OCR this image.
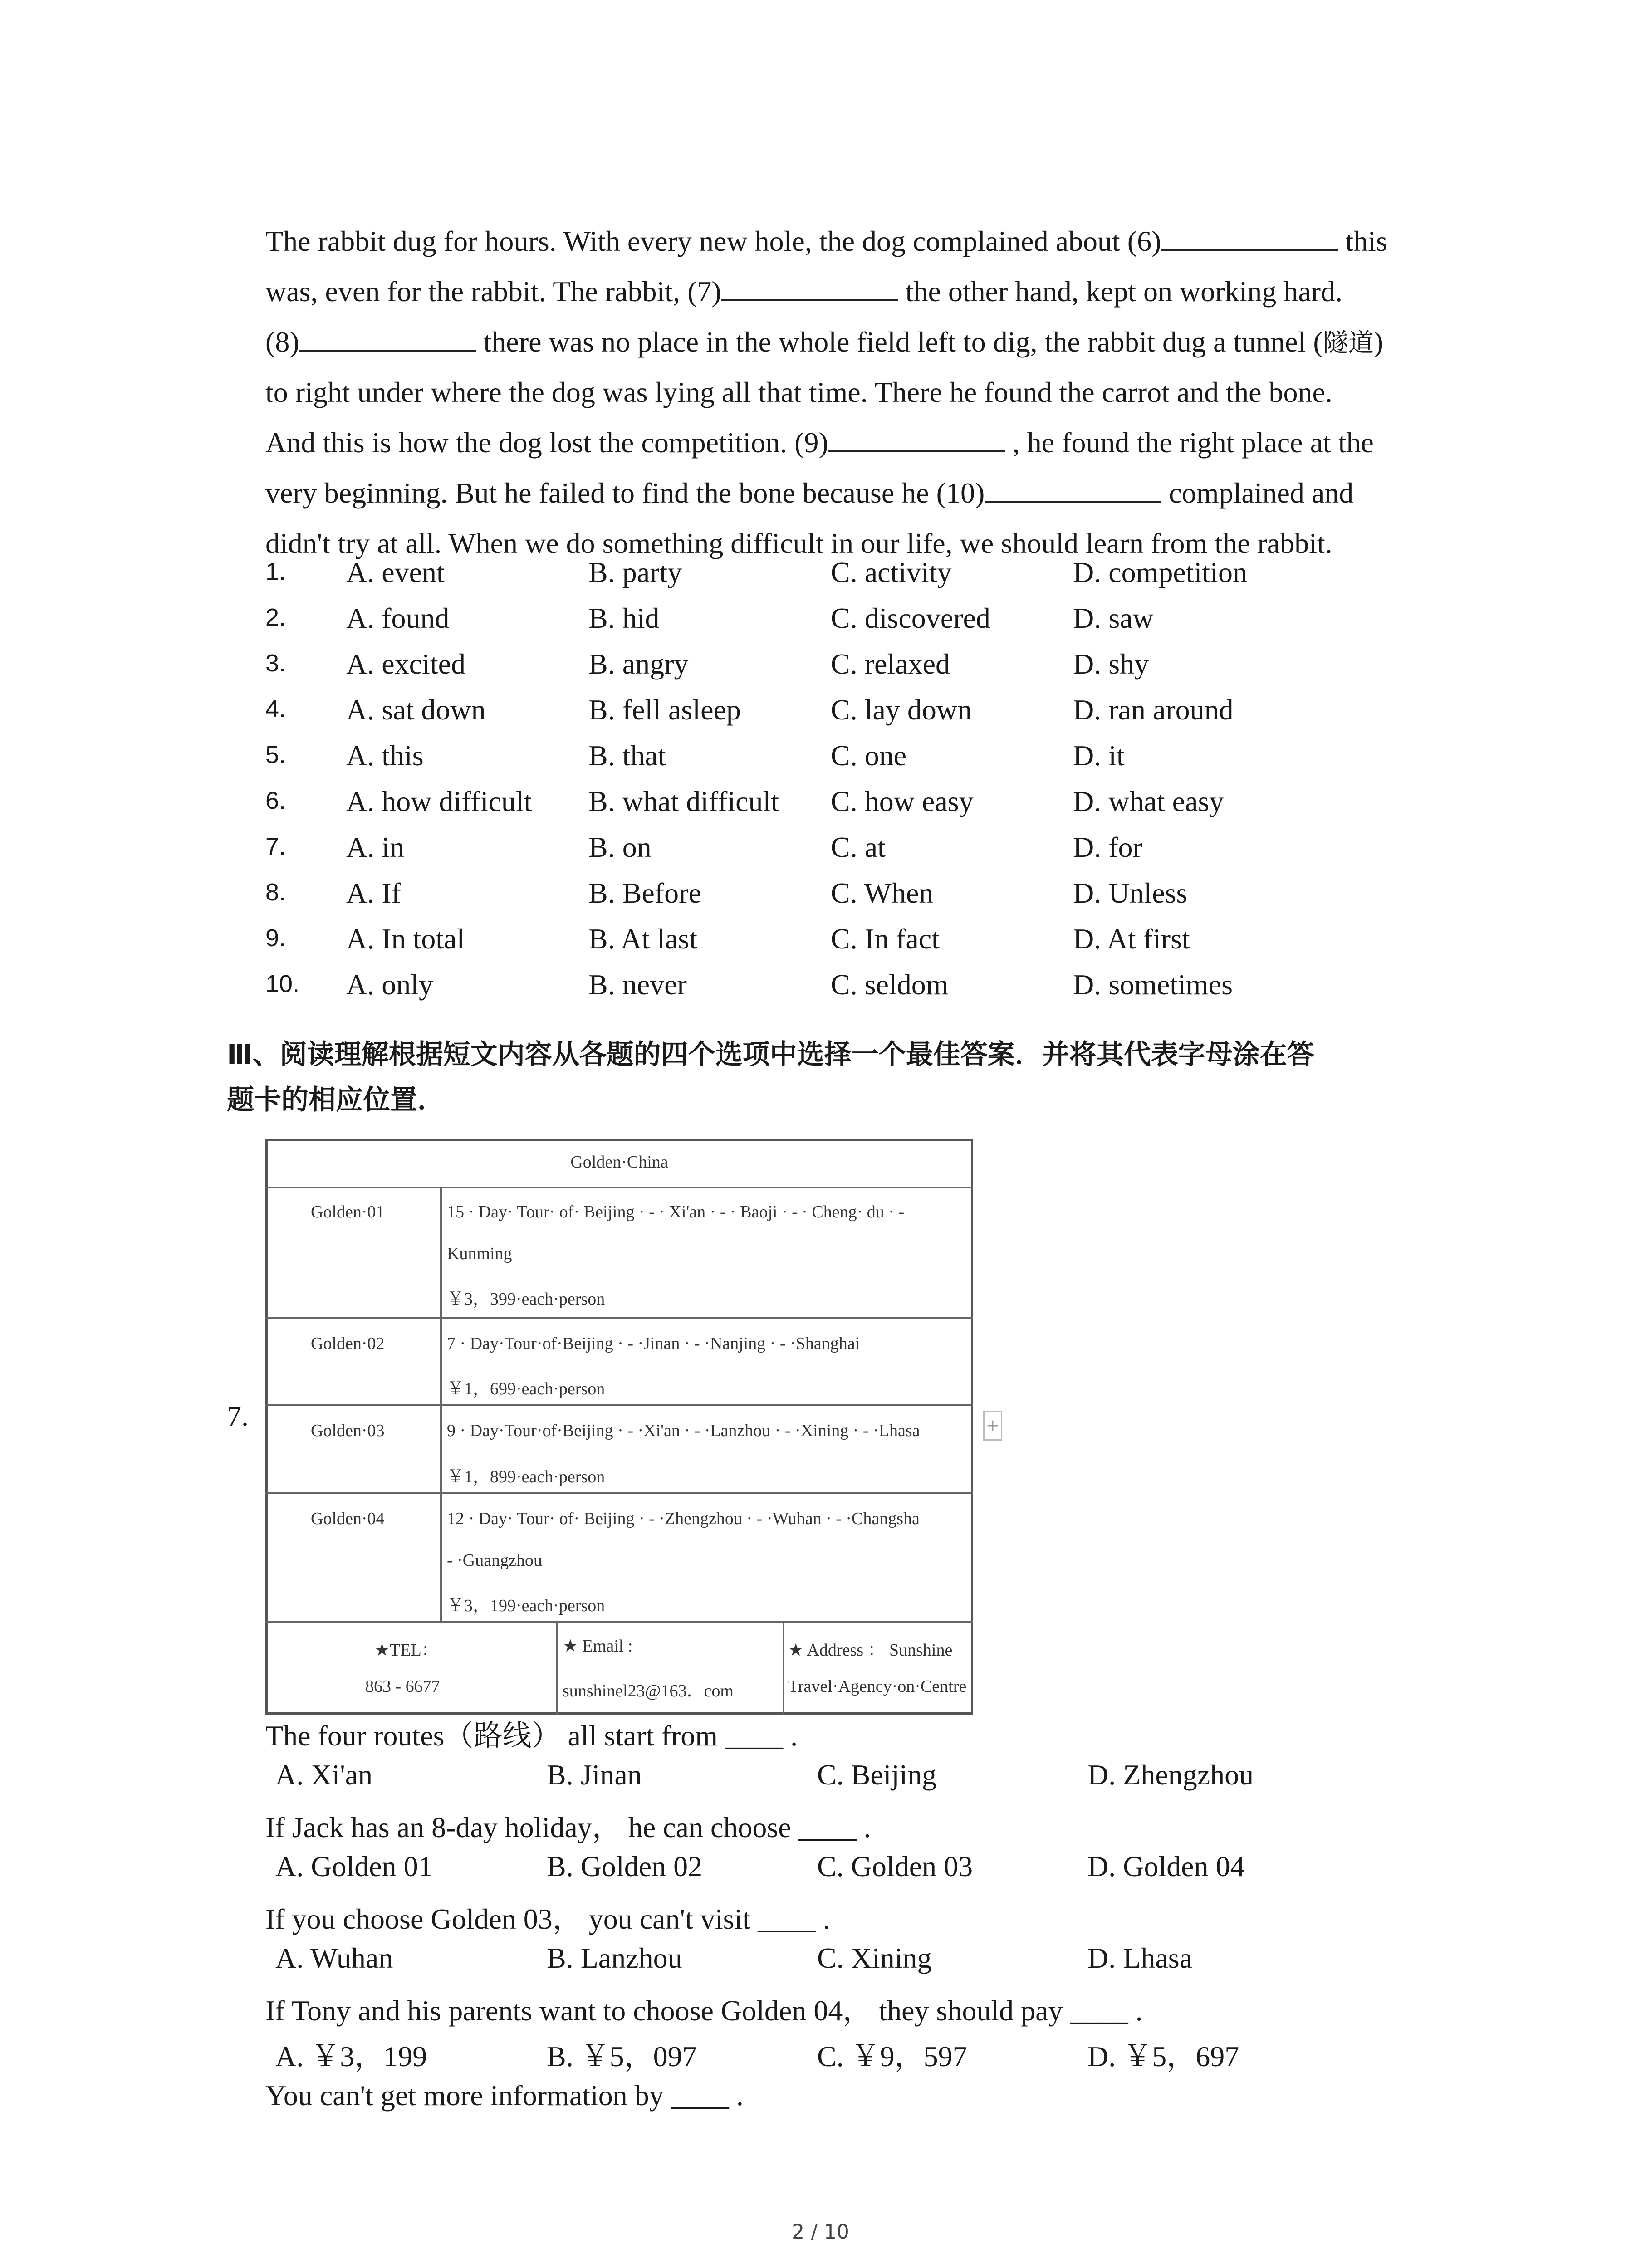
The rabbit dug for hours. With every new hole, the dog complained about (6)	this
was, even for the rabbit. The rabbit, (7)	the other hand, kept on working hard.
(8)	there was no place in the whole field left to dig, the rabbit dug a tunnel (隧道)
to right under where the dog was lying all that time. There he found the carrot and the bone.
And this is how the dog lost the competition. (9)	, he found the right place at the
very beginning. But he failed to find the bone because he (10)	complained and
didn't try at all. When we do something difficult in our life, we should learn from the rabbit.
1. A. event	B. party	C. activity	D. competition
2. A. found	B. hid	C. discovered	D. saw
3. A. excited	B. angry	C. relaxed	D. shy
4. A. sat down	B. fell asleep	C. lay down	D. ran around
5. A. this	B. that	C. one	D. it
6. A. how difficult B. what difficult C. how easy	D. what easy
7. A. in	B. on	C. at	D. for
8. A. If	B. Before	C. When	D. Unless
9. A. In total	B. At last	C. In fact	D. At first
10. A. only	B. never	C. seldom	D. sometimes
Ⅲ、阅读理解根据短文内容从各题的四个选项中选择一个最佳答案．并将其代表字母涂在答
题卡的相应位置．
7.
Golden·China
Golden·01	15 · Day· Tour· of· Beijing · - · Xi'an · - · Baoji · - · Cheng· du · -
Kunming
￥3，399·each·person
Golden·02	7 · Day·Tour·of·Beijing · - ·Jinan · - ·Nanjing · - ·Shanghai
￥1，699·each·person
Golden·03	9 · Day·Tour·of·Beijing · - ·Xi'an · - ·Lanzhou · - ·Xining · - ·Lhasa
￥1，899·each·person
Golden·04	12 · Day· Tour· of· Beijing · - ·Zhengzhou · - ·Wuhan · - ·Changsha
- ·Guangzhou
￥3，199·each·person
★TEL：
863 - 6677
★ Email :
sunshinel23@163．com
★ Address ： Sunshine
Travel·Agency·on·Centre
+
The four routes（路线） all start from ____ .
A. Xi'an	B. Jinan	C. Beijing	D. Zhengzhou
If Jack has an 8-day holiday， he can choose ____ .
A. Golden 01	B. Golden 02	C. Golden 03	D. Golden 04
If you choose Golden 03， you can't visit ____ .
A. Wuhan	B. Lanzhou	C. Xining	D. Lhasa
If Tony and his parents want to choose Golden 04， they should pay ____ .
A. ￥3，199	B. ￥5，097	C. ￥9，597	D. ￥5，697
You can't get more information by ____ .
2 / 10
